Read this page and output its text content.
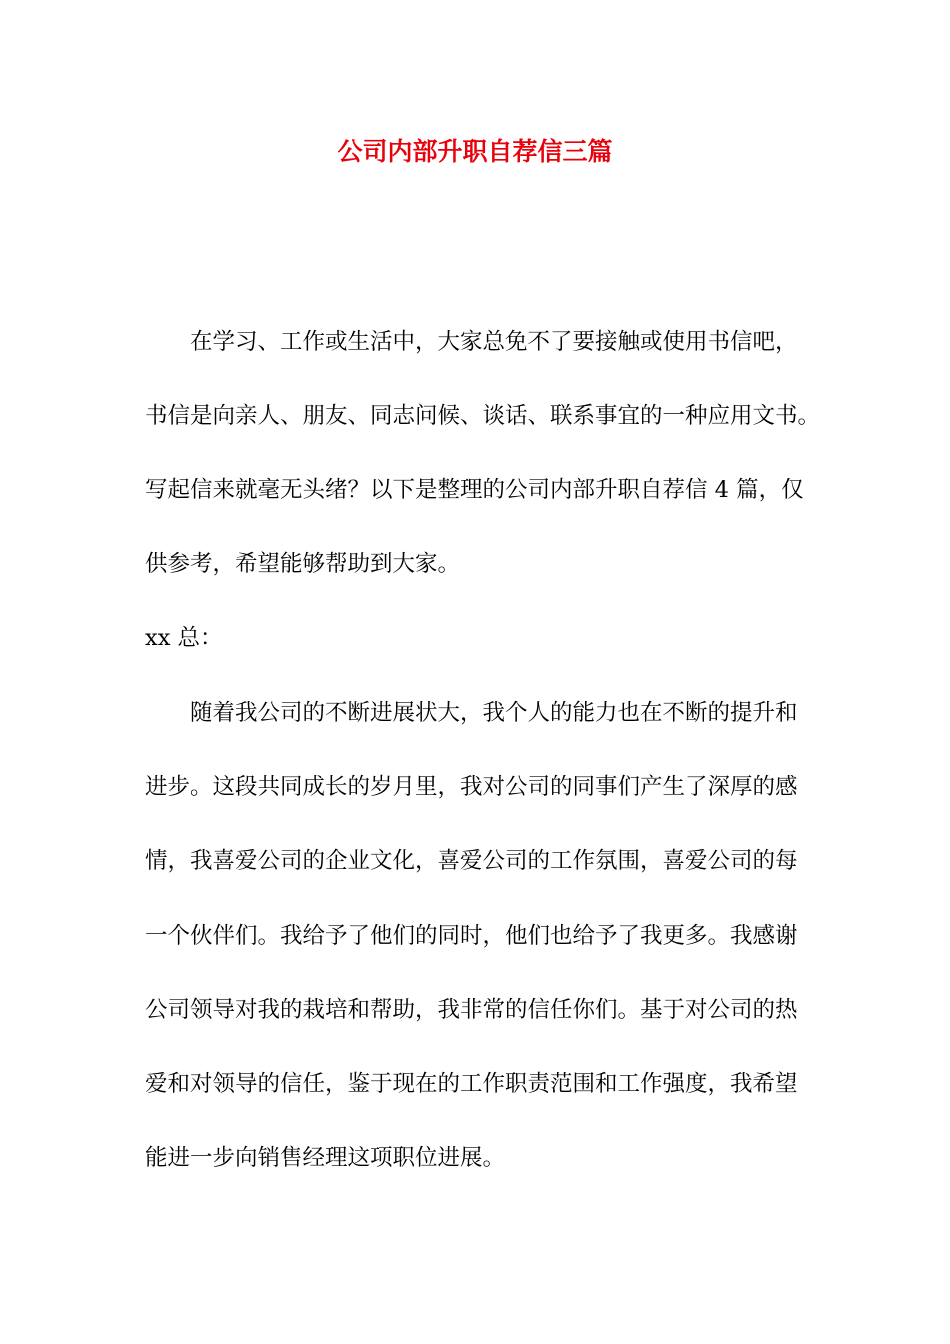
公司内部升职自荐信三篇

在学习、工作或生活中，大家总免不了要接触或使用书信吧，

书信是向亲人、朋友、同志问候、谈话、联系事宜的一种应用文书。

写起信来就毫无头绪？以下是整理的公司内部升职自荐信 4 篇，仅

供参考，希望能够帮助到大家。

xx 总：

随着我公司的不断进展状大，我个人的能力也在不断的提升和

进步。这段共同成长的岁月里，我对公司的同事们产生了深厚的感

情，我喜爱公司的企业文化，喜爱公司的工作氛围，喜爱公司的每

一个伙伴们。我给予了他们的同时，他们也给予了我更多。我感谢

公司领导对我的栽培和帮助，我非常的信任你们。基于对公司的热

爱和对领导的信任，鉴于现在的工作职责范围和工作强度，我希望

能进一步向销售经理这项职位进展。
